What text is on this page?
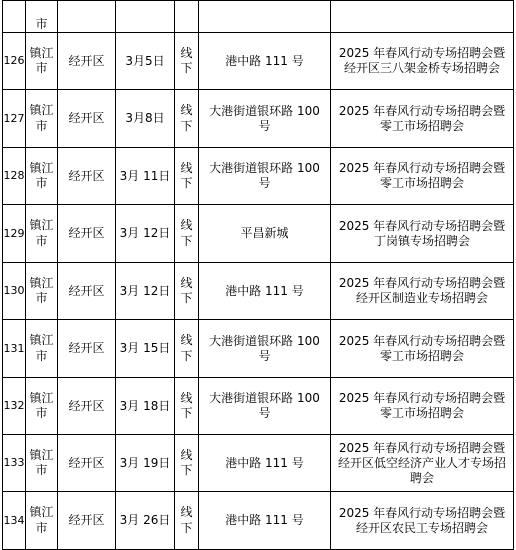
	市					
126	镇江市	经开区	3月5日	线下	港中路 111 号	2025 年春风行动专场招聘会暨经开区三八架金桥专场招聘会
127	镇江市	经开区	3月8日	线下	大港街道银环路 100 号	2025 年春风行动专场招聘会暨零工市场招聘会
128	镇江市	经开区	3月 11日	线下	大港街道银环路 100 号	2025 年春风行动专场招聘会暨零工市场招聘会
129	镇江市	经开区	3月 12日	线下	平昌新城	2025 年春风行动专场招聘会暨丁岗镇专场招聘会
130	镇江市	经开区	3月 12日	线下	港中路 111 号	2025 年春风行动专场招聘会暨经开区制造业专场招聘会
131	镇江市	经开区	3月 15日	线下	大港街道银环路 100 号	2025 年春风行动专场招聘会暨零工市场招聘会
132	镇江市	经开区	3月 18日	线下	大港街道银环路 100 号	2025 年春风行动专场招聘会暨零工市场招聘会
133	镇江市	经开区	3月 19日	线下	港中路 111 号	2025 年春风行动专场招聘会暨经开区低空经济产业人才专场招聘会
134	镇江市	经开区	3月 26日	线下	港中路 111 号	2025 年春风行动专场招聘会暨经开区农民工专场招聘会
